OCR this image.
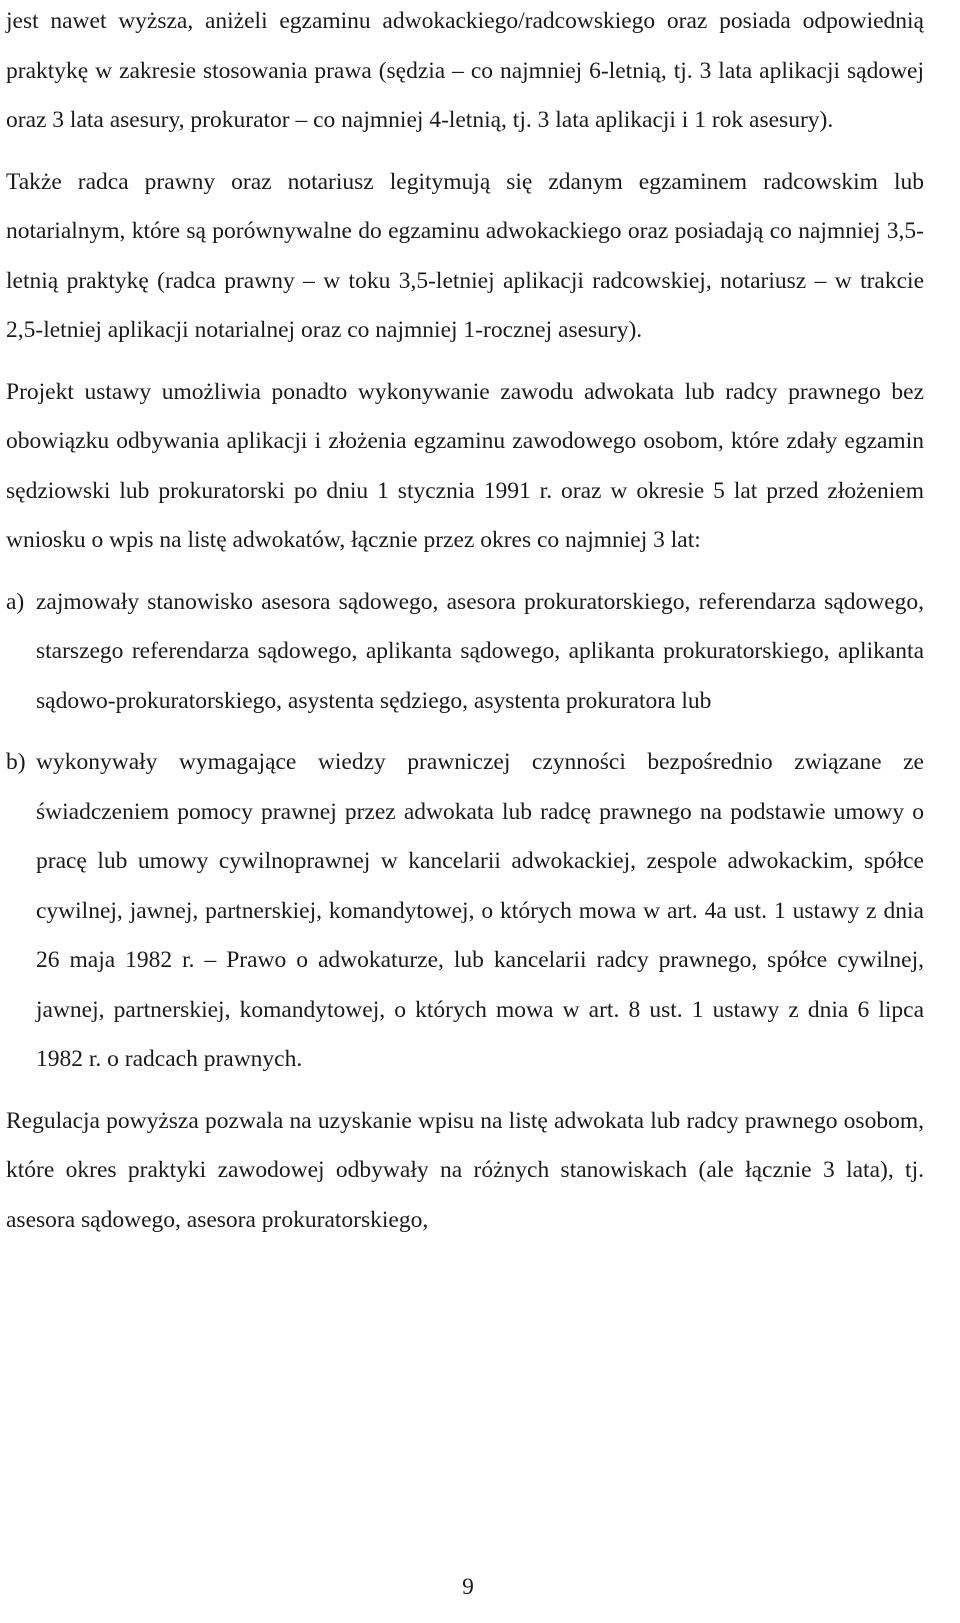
jest nawet wyższa, aniżeli egzaminu adwokackiego/radcowskiego oraz posiada odpowiednią praktykę w zakresie stosowania prawa (sędzia – co najmniej 6-letnią, tj. 3 lata aplikacji sądowej oraz 3 lata asesury, prokurator – co najmniej 4-letnią, tj. 3 lata aplikacji i 1 rok asesury).

Także radca prawny oraz notariusz legitymują się zdanym egzaminem radcowskim lub notarialnym, które są porównywalne do egzaminu adwokackiego oraz posiadają co najmniej 3,5-letnią praktykę (radca prawny – w toku 3,5-letniej aplikacji radcowskiej, notariusz – w trakcie 2,5-letniej aplikacji notarialnej oraz co najmniej 1-rocznej asesury).

Projekt ustawy umożliwia ponadto wykonywanie zawodu adwokata lub radcy prawnego bez obowiązku odbywania aplikacji i złożenia egzaminu zawodowego osobom, które zdały egzamin sędziowski lub prokuratorski po dniu 1 stycznia 1991 r. oraz w okresie 5 lat przed złożeniem wniosku o wpis na listę adwokatów, łącznie przez okres co najmniej 3 lat:

a) zajmowały stanowisko asesora sądowego, asesora prokuratorskiego, referendarza sądowego, starszego referendarza sądowego, aplikanta sądowego, aplikanta prokuratorskiego, aplikanta sądowo-prokuratorskiego, asystenta sędziego, asystenta prokuratora lub
b) wykonywały wymagające wiedzy prawniczej czynności bezpośrednio związane ze świadczeniem pomocy prawnej przez adwokata lub radcę prawnego na podstawie umowy o pracę lub umowy cywilnoprawnej w kancelarii adwokackiej, zespole adwokackim, spółce cywilnej, jawnej, partnerskiej, komandytowej, o których mowa w art. 4a ust. 1 ustawy z dnia 26 maja 1982 r. – Prawo o adwokaturze, lub kancelarii radcy prawnego, spółce cywilnej, jawnej, partnerskiej, komandytowej, o których mowa w art. 8 ust. 1 ustawy z dnia 6 lipca 1982 r. o radcach prawnych.

Regulacja powyższa pozwala na uzyskanie wpisu na listę adwokata lub radcy prawnego osobom, które okres praktyki zawodowej odbywały na różnych stanowiskach (ale łącznie 3 lata), tj. asesora sądowego, asesora prokuratorskiego,

9
